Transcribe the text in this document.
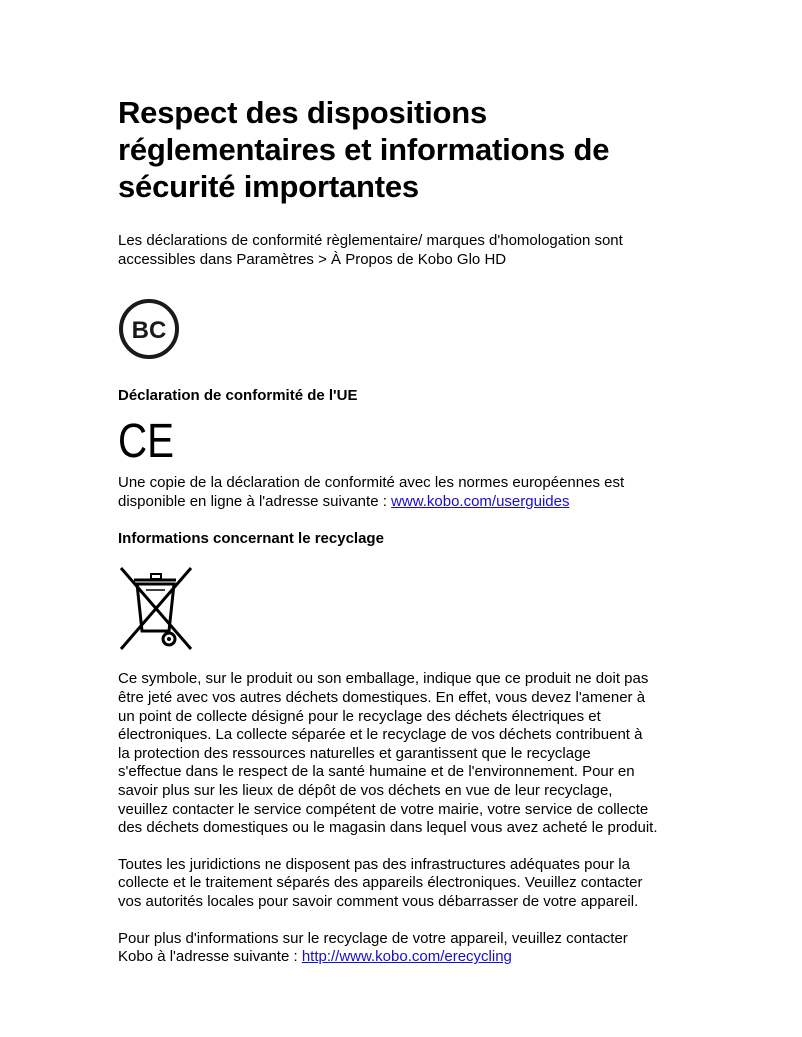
Respect des dispositions
réglementaires et informations de
sécurité importantes

Les déclarations de conformité règlementaire/ marques d'homologation sont
accessibles dans Paramètres > À Propos de Kobo Glo HD

BC
Déclaration de conformité de l'UE
CE

Une copie de la déclaration de conformité avec les normes européennes est
disponible en ligne à l'adresse suivante : www.kobo.com/userguides

Informations concernant le recyclage

Ce symbole, sur le produit ou son emballage, indique que ce produit ne doit pas
être jeté avec vos autres déchets domestiques. En effet, vous devez l'amener à
un point de collecte désigné pour le recyclage des déchets électriques et
électroniques. La collecte séparée et le recyclage de vos déchets contribuent à
la protection des ressources naturelles et garantissent que le recyclage
s'effectue dans le respect de la santé humaine et de l'environnement. Pour en
savoir plus sur les lieux de dépôt de vos déchets en vue de leur recyclage,
veuillez contacter le service compétent de votre mairie, votre service de collecte
des déchets domestiques ou le magasin dans lequel vous avez acheté le produit.

Toutes les juridictions ne disposent pas des infrastructures adéquates pour la
collecte et le traitement séparés des appareils électroniques. Veuillez contacter
vos autorités locales pour savoir comment vous débarrasser de votre appareil.

Pour plus d'informations sur le recyclage de votre appareil, veuillez contacter
Kobo à l'adresse suivante : http://www.kobo.com/erecycling
